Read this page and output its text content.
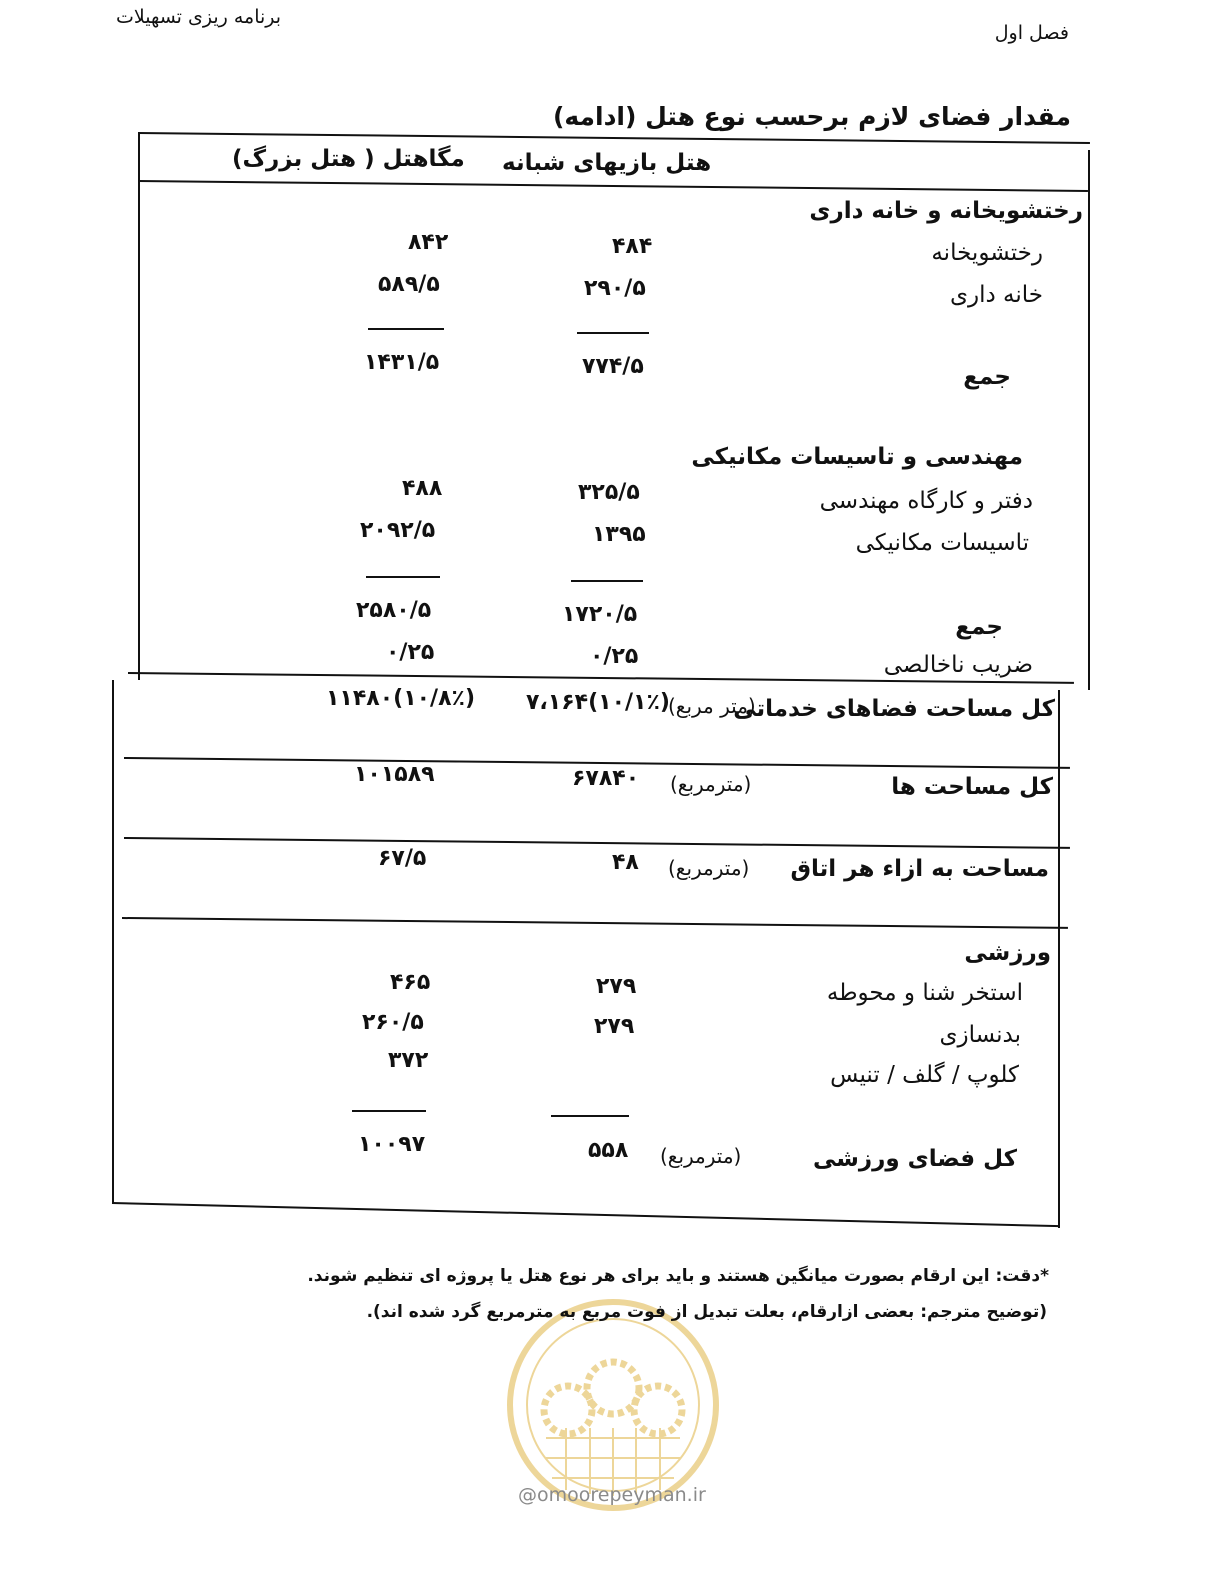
برنامه ریزی تسهیلات
فصل اول
مقدار فضای لازم برحسب نوع هتل (ادامه)
هتل بازیهای شبانه
مگاهتل ( هتل بزرگ)
رختشویخانه و خانه داری
رختشویخانه
۴۸۴
۸۴۲
خانه داری
۲۹۰/۵
۵۸۹/۵
جمع
۷۷۴/۵
۱۴۳۱/۵
مهندسی و تاسیسات مکانیکی
دفتر و کارگاه مهندسی
۳۲۵/۵
۴۸۸
تاسیسات مکانیکی
۱۳۹۵
۲۰۹۲/۵
جمع
۱۷۲۰/۵
۲۵۸۰/۵
ضریب ناخالصی
۰/۲۵
۰/۲۵
کل مساحت فضاهای خدماتی
(متر مربع)
(۱۰/۱٪)۷،۱۶۴
(۱۰/۸٪)۱۱۴۸۰
کل مساحت ها
(مترمربع)
۶۷۸۴۰
۱۰۱۵۸۹
مساحت به ازاء هر اتاق
(مترمربع)
۴۸
۶۷/۵
ورزشی
استخر شنا و محوطه
۲۷۹
۴۶۵
بدنسازی
۲۷۹
۲۶۰/۵
کلوپ / گلف / تنیس
۳۷۲
کل فضای ورزشی
(مترمربع)
۵۵۸
۱۰۰۹۷
*دقت: این ارقام بصورت میانگین هستند و باید برای هر نوع هتل یا پروژه ای تنظیم شوند.
(توضیح مترجم: بعضی ازارقام، بعلت تبدیل از فوت مربع به مترمربع گرد شده اند).
@omoorepeyman.ir
